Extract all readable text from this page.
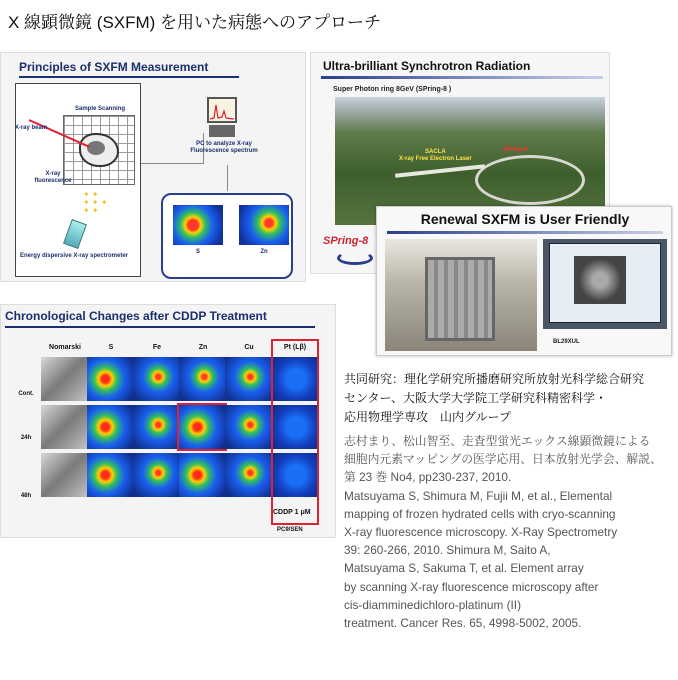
X 線顕微鏡 (SXFM) を用いた病態へのアプローチ
Principles of SXFM Measurement
Sample Scanning
X-ray beam
✦ ✦
✦ ✦ ✦
✦ ✦
X-ray fluorescence
Energy dispersive X-ray spectrometer
PC to analyze X-ray Fluorescence spectrum
S	Zn
Ultra-brilliant Synchrotron Radiation
Super Photon ring 8GeV (SPring-8 )
SACLA
X-ray Free Electron Laser
SPring-8
SPring-8
Renewal SXFM is User Friendly
BL29XUL
Chronological Changes after CDDP Treatment
Nomarski	S	Fe	Zn	Cu	Pt (Lβ)
Cont.
24h
48h
CDDP 1 μM
PC9/SEN
共同研究：理化学研究所播磨研究所放射光科学総合研究
センター、大阪大学大学院工学研究科精密科学・
応用物理学専攻　山内グループ
志村まり、松山智至、走査型蛍光エックス線顕微鏡による
細胞内元素マッピングの医学応用、日本放射光学会、解説、
第 23 巻 No4, pp230-237, 2010.
Matsuyama S, Shimura M, Fujii M, et al., Elemental
mapping of frozen hydrated cells with cryo-scanning
X-ray fluorescence microscopy. X-Ray Spectrometry
39: 260-266, 2010. Shimura M, Saito A,
Matsuyama S, Sakuma T, et al. Element array
by scanning X-ray fluorescence microscopy after
cis-diamminedichloro-platinum (II)
treatment. Cancer Res. 65, 4998-5002, 2005.
